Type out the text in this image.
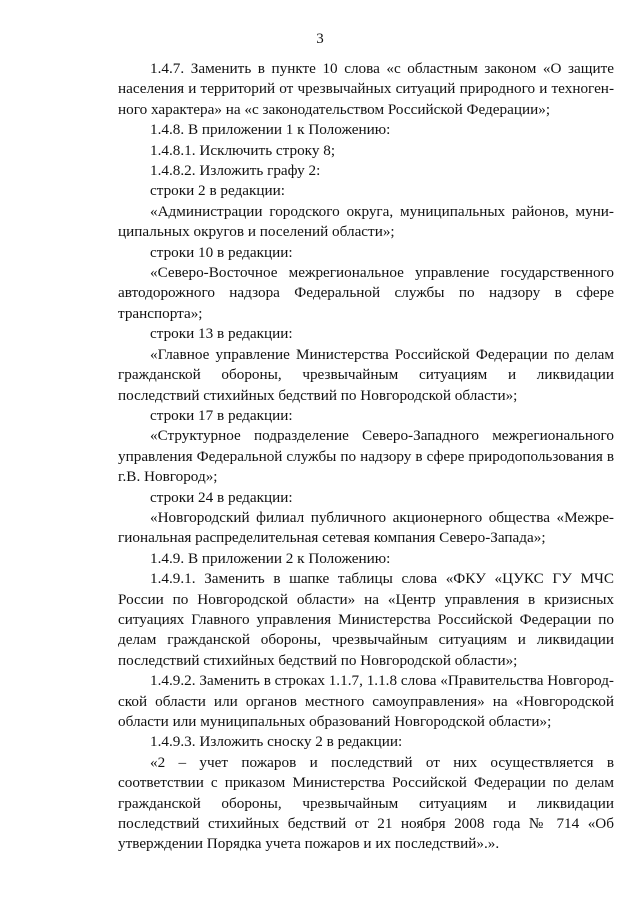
3

1.4.7. Заменить в пункте 10 слова «с областным законом «О защите населения и территорий от чрезвычайных ситуаций природного и техноген-ного характера» на «с законодательством Российской Федерации»;

1.4.8. В приложении 1 к Положению:

1.4.8.1. Исключить строку 8;

1.4.8.2. Изложить графу 2:

строки 2 в редакции:

«Администрации городского округа, муниципальных районов, муни-ципальных округов и поселений области»;

строки 10 в редакции:

«Северо-Восточное межрегиональное управление государственного автодорожного надзора Федеральной службы по надзору в сфере транспорта»;

строки 13 в редакции:

«Главное управление Министерства Российской Федерации по делам гражданской обороны, чрезвычайным ситуациям и ликвидации последствий стихийных бедствий по Новгородской области»;

строки 17 в редакции:

«Структурное подразделение Северо-Западного межрегионального управления Федеральной службы по надзору в сфере природопользования в г.В. Новгород»;

строки 24 в редакции:

«Новгородский филиал публичного акционерного общества «Межре-гиональная распределительная сетевая компания Северо-Запада»;

1.4.9. В приложении 2 к Положению:

1.4.9.1. Заменить в шапке таблицы слова «ФКУ «ЦУКС ГУ МЧС России по Новгородской области» на «Центр управления в кризисных ситуациях Главного управления Министерства Российской Федерации по делам гражданской обороны, чрезвычайным ситуациям и ликвидации последствий стихийных бедствий по Новгородской области»;

1.4.9.2. Заменить в строках 1.1.7, 1.1.8 слова «Правительства Новгород-ской области или органов местного самоуправления» на «Новгородской области или муниципальных образований Новгородской области»;

1.4.9.3. Изложить сноску 2 в редакции:

«2 – учет пожаров и последствий от них осуществляется в соответствии с приказом Министерства Российской Федерации по делам гражданской обороны, чрезвычайным ситуациям и ликвидации последствий стихийных бедствий от 21 ноября 2008 года № 714 «Об утверждении Порядка учета пожаров и их последствий».».
